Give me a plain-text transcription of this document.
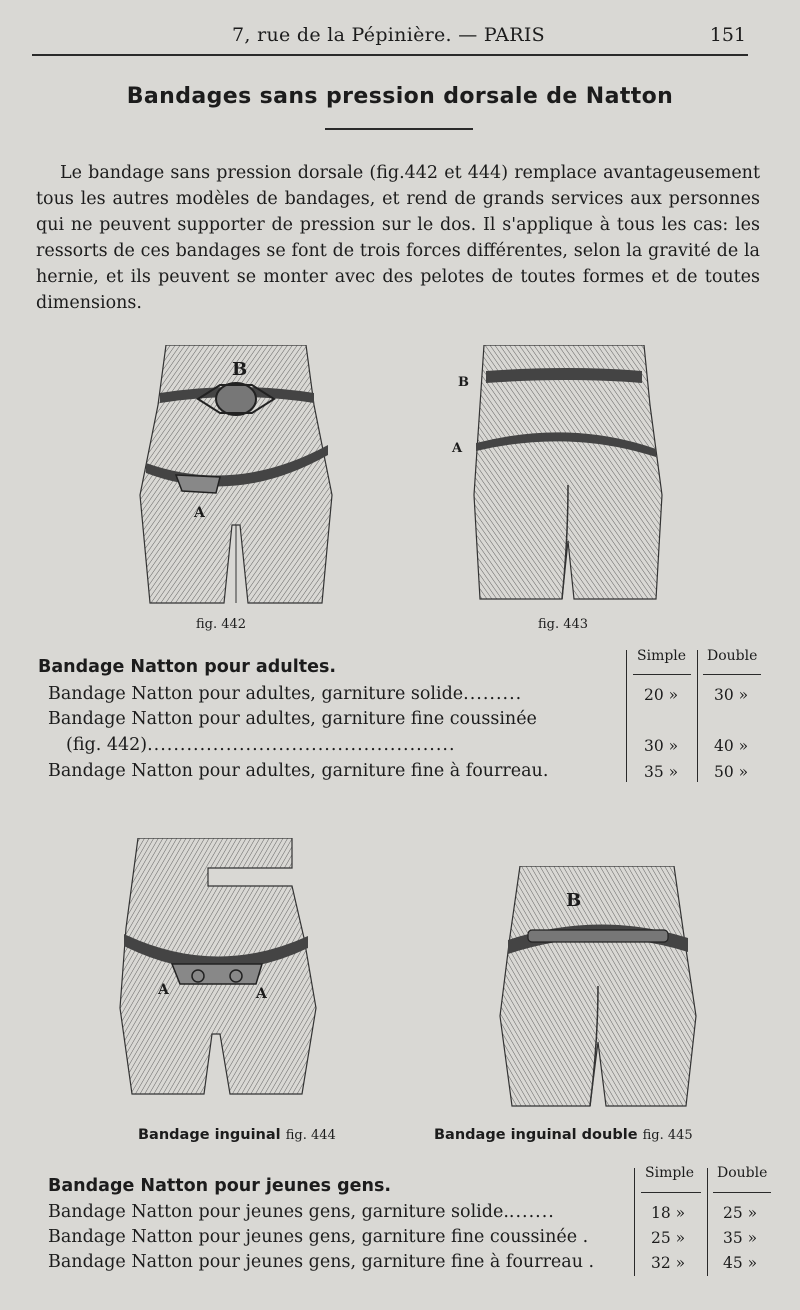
7, rue de la Pépinière. — PARIS	151
Bandages sans pression dorsale de Natton
Le bandage sans pression dorsale (fig.442 et 444) remplace avantageusement tous les autres modèles de bandages, et rend de grands services aux personnes qui ne peuvent supporter de pression sur le dos. Il s'applique à tous les cas: les ressorts de ces bandages se font de trois forces différentes, selon la gravité de la hernie, et ils peuvent se monter avec des pelotes de toutes formes et de toutes dimensions.
B
A
fig. 442
B
A
fig. 443
Simple Double
Bandage Natton pour adultes.
Bandage Natton pour adultes, garniture solide.........	20 » 30 »
Bandage Natton pour adultes, garniture fine coussinée
(fig. 442)...............................................	30 » 40 »
Bandage Natton pour adultes, garniture fine à fourreau.	35 » 50 »
A	A
Bandage inguinal fig. 444
B
Bandage inguinal double fig. 445
Simple Double
Bandage Natton pour jeunes gens.
Bandage Natton pour jeunes gens, garniture solide........	18 » 25 »
Bandage Natton pour jeunes gens, garniture fine coussinée .	25 » 35 »
Bandage Natton pour jeunes gens, garniture fine à fourreau .	32 » 45 »
